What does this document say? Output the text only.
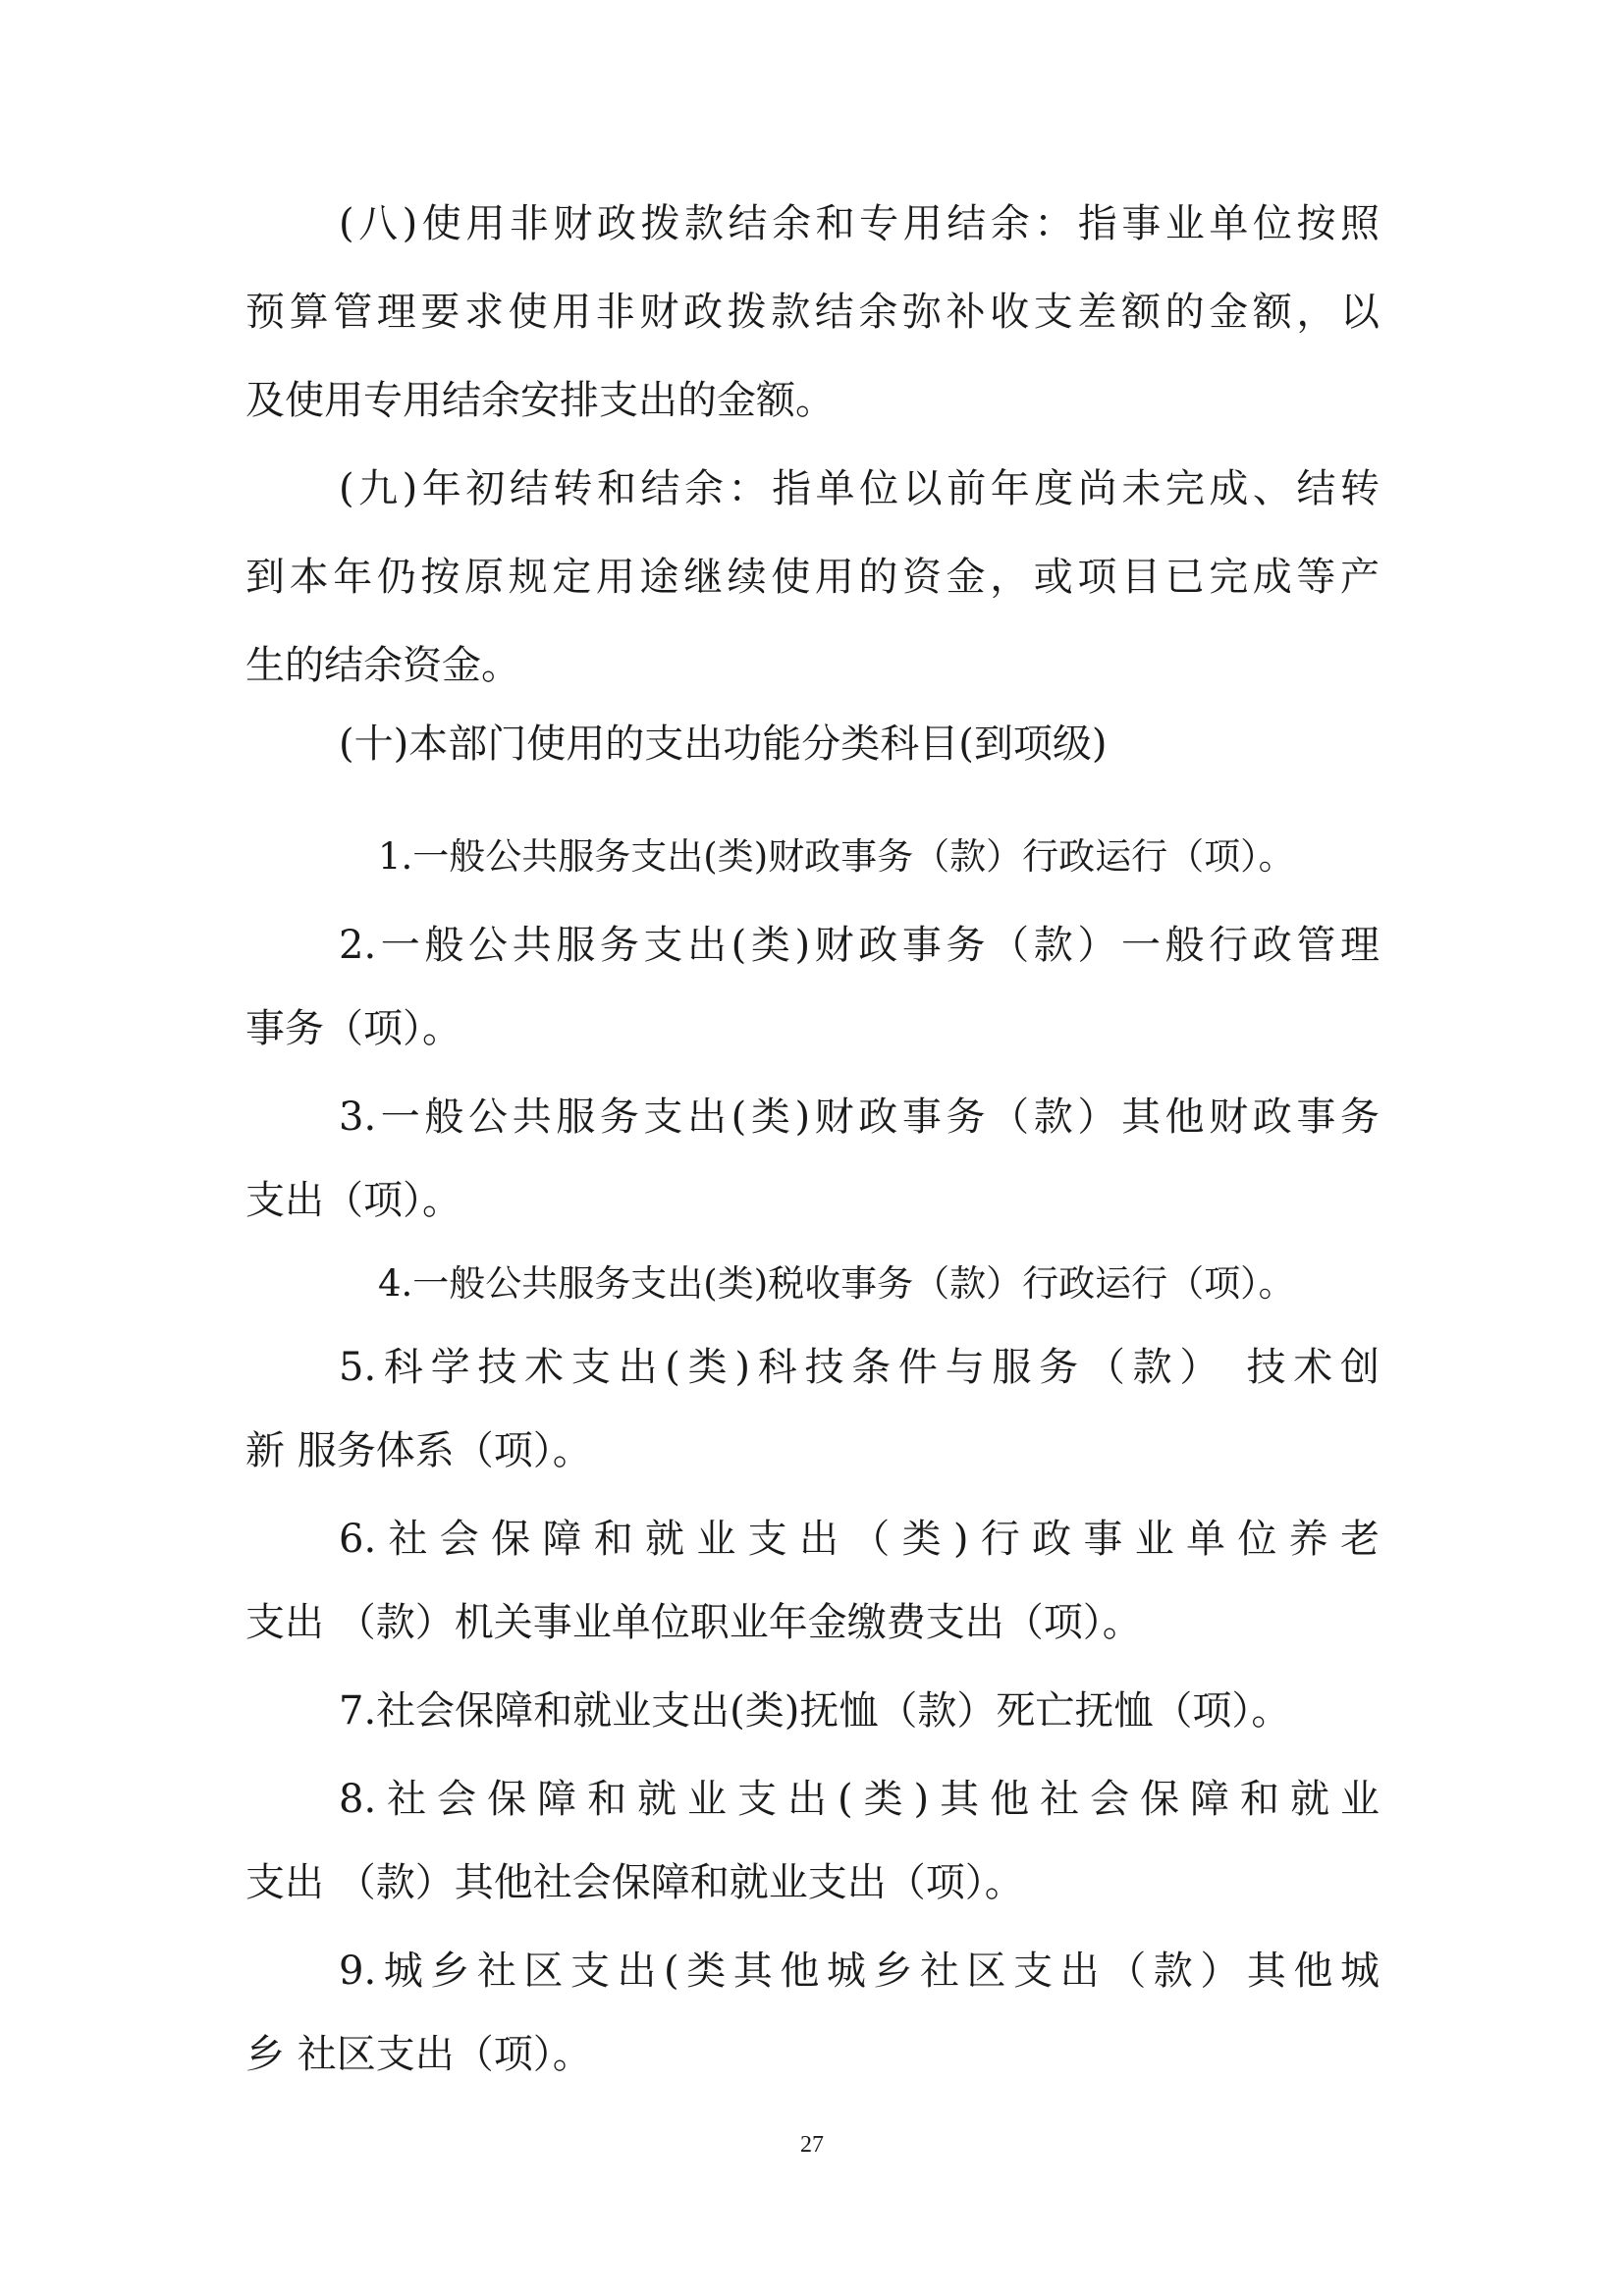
(八)使用非财政拨款结余和专用结余：指事业单位按照
预算管理要求使用非财政拨款结余弥补收支差额的金额，以
及使用专用结余安排支出的金额。
(九)年初结转和结余：指单位以前年度尚未完成、结转
到本年仍按原规定用途继续使用的资金，或项目已完成等产
生的结余资金。
(十)本部门使用的支出功能分类科目(到项级)
1.一般公共服务支出(类)财政事务（款）行政运行（项）。
2.一般公共服务支出(类)财政事务（款）一般行政管理
事务（项）。
3.一般公共服务支出(类)财政事务（款）其他财政事务
支出（项）。
4.一般公共服务支出(类)税收事务（款）行政运行（项）。
5.科学技术支出(类)科技条件与服务（款） 技术创
新 服务体系（项）。
6.社会保障和就业支出（类)行政事业单位养老
支出 （款）机关事业单位职业年金缴费支出（项）。
7.社会保障和就业支出(类)抚恤（款）死亡抚恤（项）。
8.社会保障和就业支出(类)其他社会保障和就业
支出 （款）其他社会保障和就业支出（项）。
9.城乡社区支出(类其他城乡社区支出（款）其他城
乡 社区支出（项）。
27
